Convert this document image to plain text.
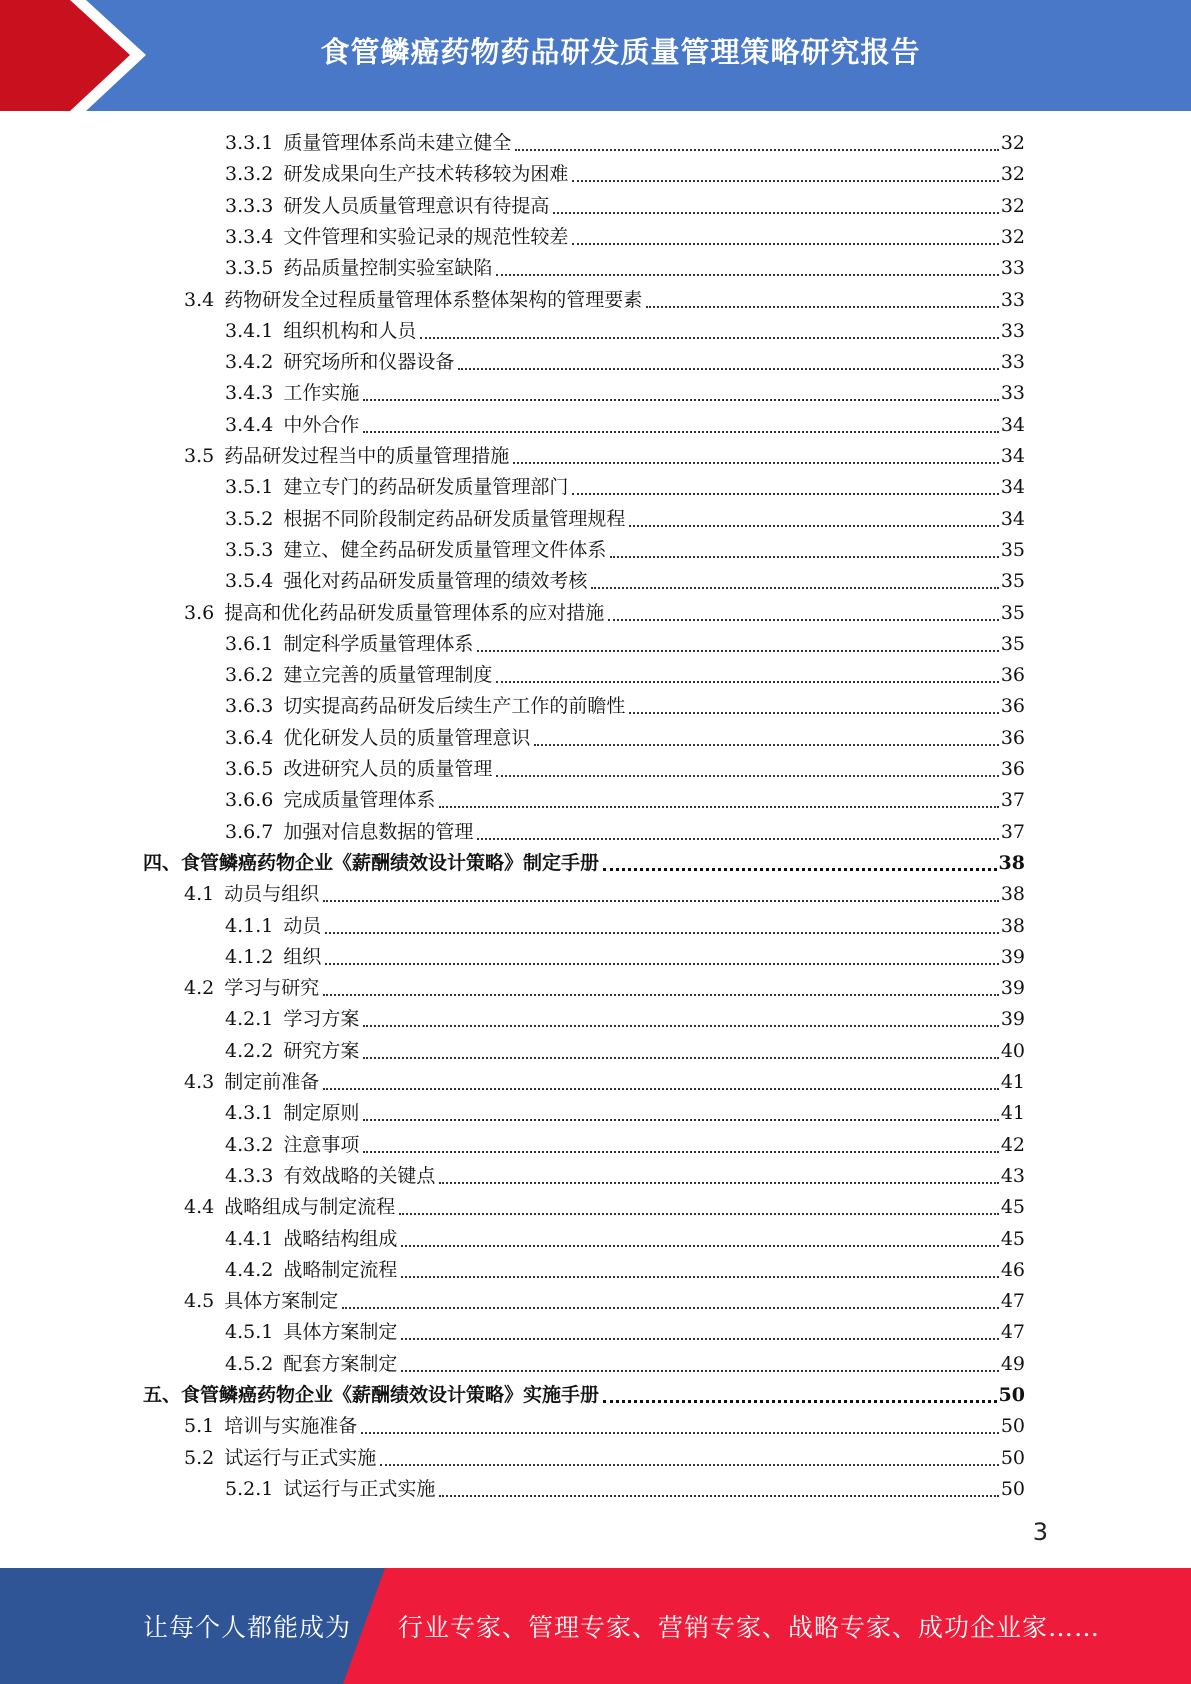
食管鳞癌药物药品研发质量管理策略研究报告
3.3.1 质量管理体系尚未建立健全	32
3.3.2 研发成果向生产技术转移较为困难	32
3.3.3 研发人员质量管理意识有待提高	32
3.3.4 文件管理和实验记录的规范性较差	32
3.3.5 药品质量控制实验室缺陷	33
3.4 药物研发全过程质量管理体系整体架构的管理要素	33
3.4.1 组织机构和人员	33
3.4.2 研究场所和仪器设备	33
3.4.3 工作实施	33
3.4.4 中外合作	34
3.5 药品研发过程当中的质量管理措施	34
3.5.1 建立专门的药品研发质量管理部门	34
3.5.2 根据不同阶段制定药品研发质量管理规程	34
3.5.3 建立、健全药品研发质量管理文件体系	35
3.5.4 强化对药品研发质量管理的绩效考核	35
3.6 提高和优化药品研发质量管理体系的应对措施	35
3.6.1 制定科学质量管理体系	35
3.6.2 建立完善的质量管理制度	36
3.6.3 切实提高药品研发后续生产工作的前瞻性	36
3.6.4 优化研发人员的质量管理意识	36
3.6.5 改进研究人员的质量管理	36
3.6.6 完成质量管理体系	37
3.6.7 加强对信息数据的管理	37
四、食管鳞癌药物企业《薪酬绩效设计策略》制定手册	38
4.1 动员与组织	38
4.1.1 动员	38
4.1.2 组织	39
4.2 学习与研究	39
4.2.1 学习方案	39
4.2.2 研究方案	40
4.3 制定前准备	41
4.3.1 制定原则	41
4.3.2 注意事项	42
4.3.3 有效战略的关键点	43
4.4 战略组成与制定流程	45
4.4.1 战略结构组成	45
4.4.2 战略制定流程	46
4.5 具体方案制定	47
4.5.1 具体方案制定	47
4.5.2 配套方案制定	49
五、食管鳞癌药物企业《薪酬绩效设计策略》实施手册	50
5.1 培训与实施准备	50
5.2 试运行与正式实施	50
5.2.1 试运行与正式实施	50
3
让每个人都能成为 行业专家、管理专家、营销专家、战略专家、成功企业家……
